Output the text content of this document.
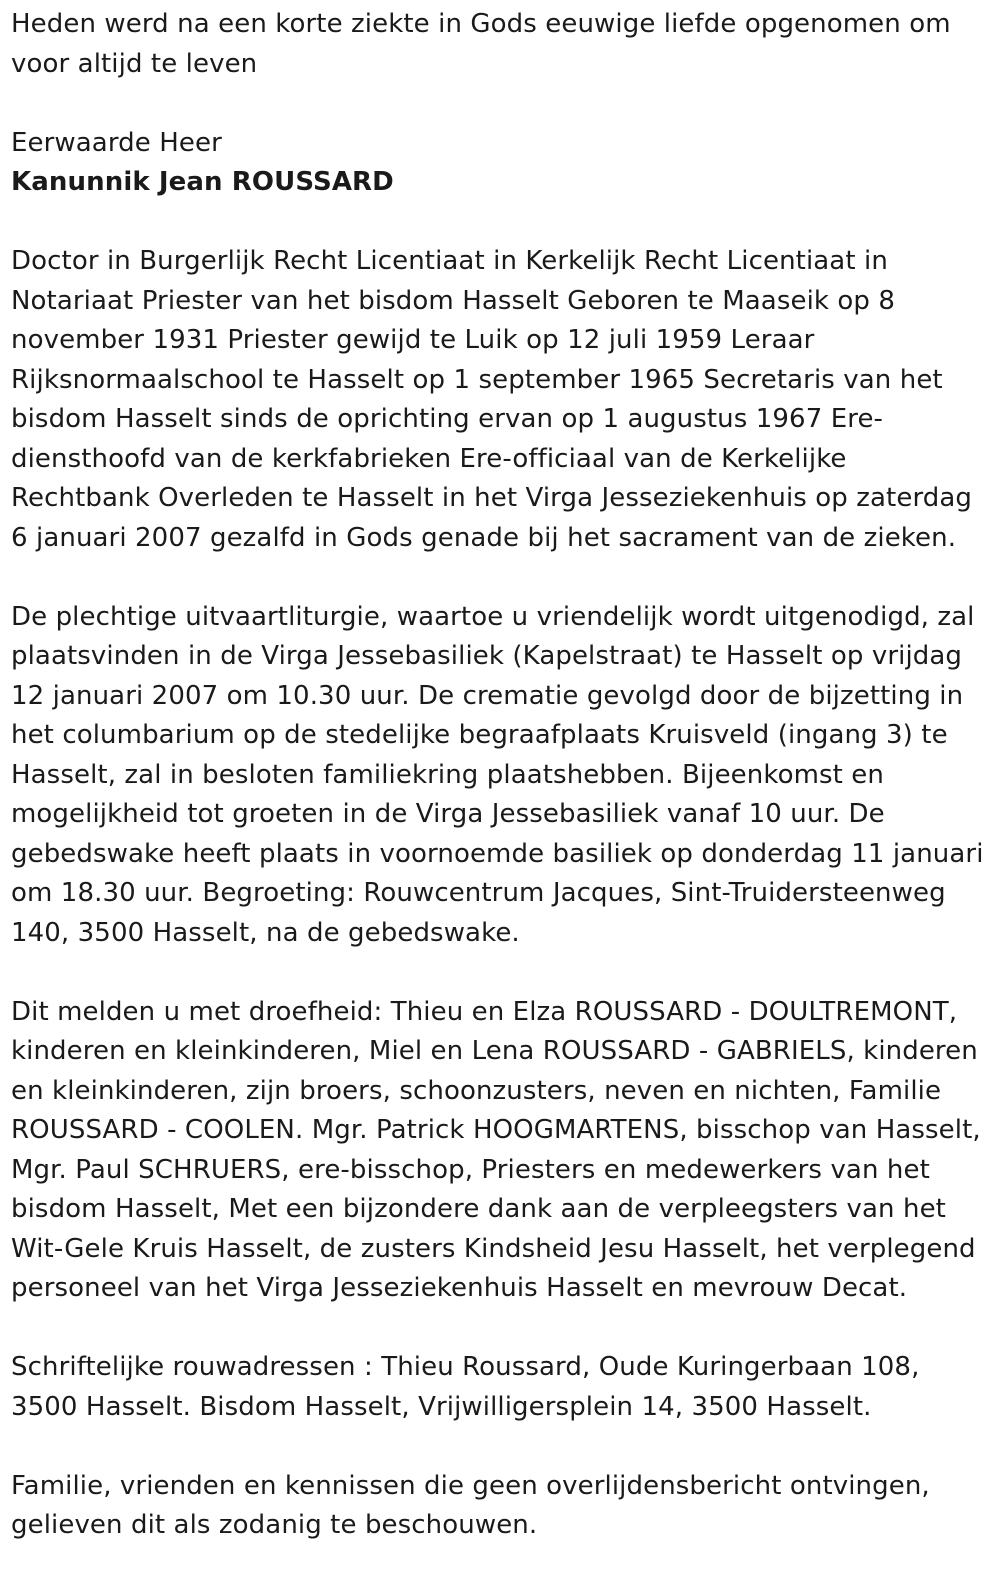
Heden werd na een korte ziekte in Gods eeuwige liefde opgenomen om voor altijd te leven

Eerwaarde Heer

Kanunnik Jean ROUSSARD

Doctor in Burgerlijk Recht Licentiaat in Kerkelijk Recht Licentiaat in Notariaat Priester van het bisdom Hasselt Geboren te Maaseik op 8 november 1931 Priester gewijd te Luik op 12 juli 1959 Leraar Rijksnormaalschool te Hasselt op 1 september 1965 Secretaris van het bisdom Hasselt sinds de oprichting ervan op 1 augustus 1967 Ere-diensthoofd van de kerkfabrieken Ere-officiaal van de Kerkelijke Rechtbank Overleden te Hasselt in het Virga Jesseziekenhuis op zaterdag 6 januari 2007 gezalfd in Gods genade bij het sacrament van de zieken.

De plechtige uitvaartliturgie, waartoe u vriendelijk wordt uitgenodigd, zal plaatsvinden in de Virga Jessebasiliek (Kapelstraat) te Hasselt op vrijdag 12 januari 2007 om 10.30 uur. De crematie gevolgd door de bijzetting in het columbarium op de stedelijke begraafplaats Kruisveld (ingang 3) te Hasselt, zal in besloten familiekring plaatshebben. Bijeenkomst en mogelijkheid tot groeten in de Virga Jessebasiliek vanaf 10 uur. De gebedswake heeft plaats in voornoemde basiliek op donderdag 11 januari om 18.30 uur. Begroeting: Rouwcentrum Jacques, Sint-Truidersteenweg 140, 3500 Hasselt, na de gebedswake.

Dit melden u met droefheid: Thieu en Elza ROUSSARD - DOULTREMONT, kinderen en kleinkinderen, Miel en Lena ROUSSARD - GABRIELS, kinderen en kleinkinderen, zijn broers, schoonzusters, neven en nichten, Familie ROUSSARD - COOLEN. Mgr. Patrick HOOGMARTENS, bisschop van Hasselt, Mgr. Paul SCHRUERS, ere-bisschop, Priesters en medewerkers van het bisdom Hasselt, Met een bijzondere dank aan de verpleegsters van het Wit-Gele Kruis Hasselt, de zusters Kindsheid Jesu Hasselt, het verplegend personeel van het Virga Jesseziekenhuis Hasselt en mevrouw Decat.

Schriftelijke rouwadressen : Thieu Roussard, Oude Kuringerbaan 108, 3500 Hasselt. Bisdom Hasselt, Vrijwilligersplein 14, 3500 Hasselt.

Familie, vrienden en kennissen die geen overlijdensbericht ontvingen, gelieven dit als zodanig te beschouwen.
